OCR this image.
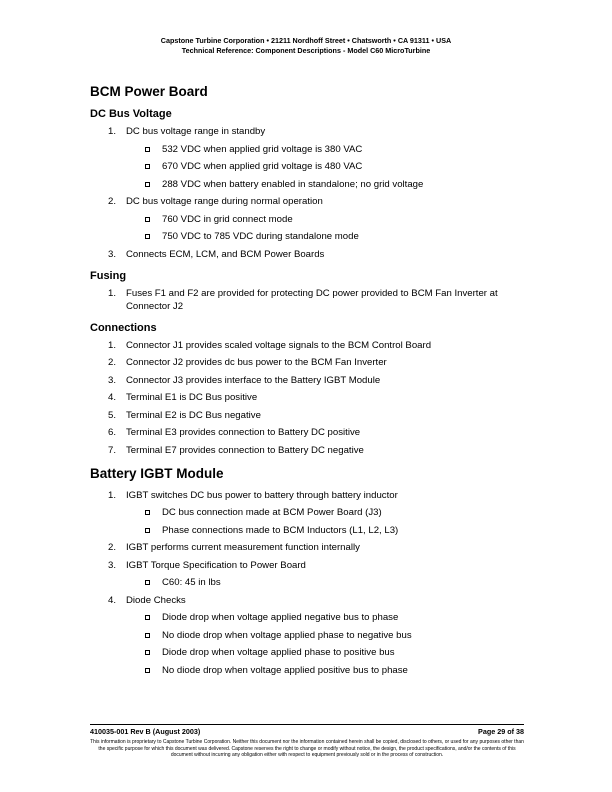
Capstone Turbine Corporation • 21211 Nordhoff Street • Chatsworth • CA 91311 • USA
Technical Reference: Component Descriptions - Model C60 MicroTurbine
BCM Power Board
DC Bus Voltage
1. DC bus voltage range in standby
532 VDC when applied grid voltage is 380 VAC
670 VDC when applied grid voltage is 480 VAC
288 VDC when battery enabled in standalone; no grid voltage
2. DC bus voltage range during normal operation
760 VDC in grid connect mode
750 VDC to 785 VDC during standalone mode
3. Connects ECM, LCM, and BCM Power Boards
Fusing
1. Fuses F1 and F2 are provided for protecting DC power provided to BCM Fan Inverter at Connector J2
Connections
1. Connector J1 provides scaled voltage signals to the BCM Control Board
2. Connector J2 provides dc bus power to the BCM Fan Inverter
3. Connector J3 provides interface to the Battery IGBT Module
4. Terminal E1 is DC Bus positive
5. Terminal E2 is DC Bus negative
6. Terminal E3 provides connection to Battery DC positive
7. Terminal E7 provides connection to Battery DC negative
Battery IGBT Module
1. IGBT switches DC bus power to battery through battery inductor
DC bus connection made at BCM Power Board (J3)
Phase connections made to BCM Inductors (L1, L2, L3)
2. IGBT performs current measurement function internally
3. IGBT Torque Specification to Power Board
C60: 45 in lbs
4. Diode Checks
Diode drop when voltage applied negative bus to phase
No diode drop when voltage applied phase to negative bus
Diode drop when voltage applied phase to positive bus
No diode drop when voltage applied positive bus to phase
410035-001 Rev B (August 2003)	Page 29 of 38
This information is proprietary to Capstone Turbine Corporation. Neither this document nor the information contained herein shall be copied, disclosed to others, or used for any purposes other than the specific purpose for which this document was delivered. Capstone reserves the right to change or modify without notice, the design, the product specifications, and/or the contents of this document without incurring any obligation either with respect to equipment previously sold or in the process of construction.
